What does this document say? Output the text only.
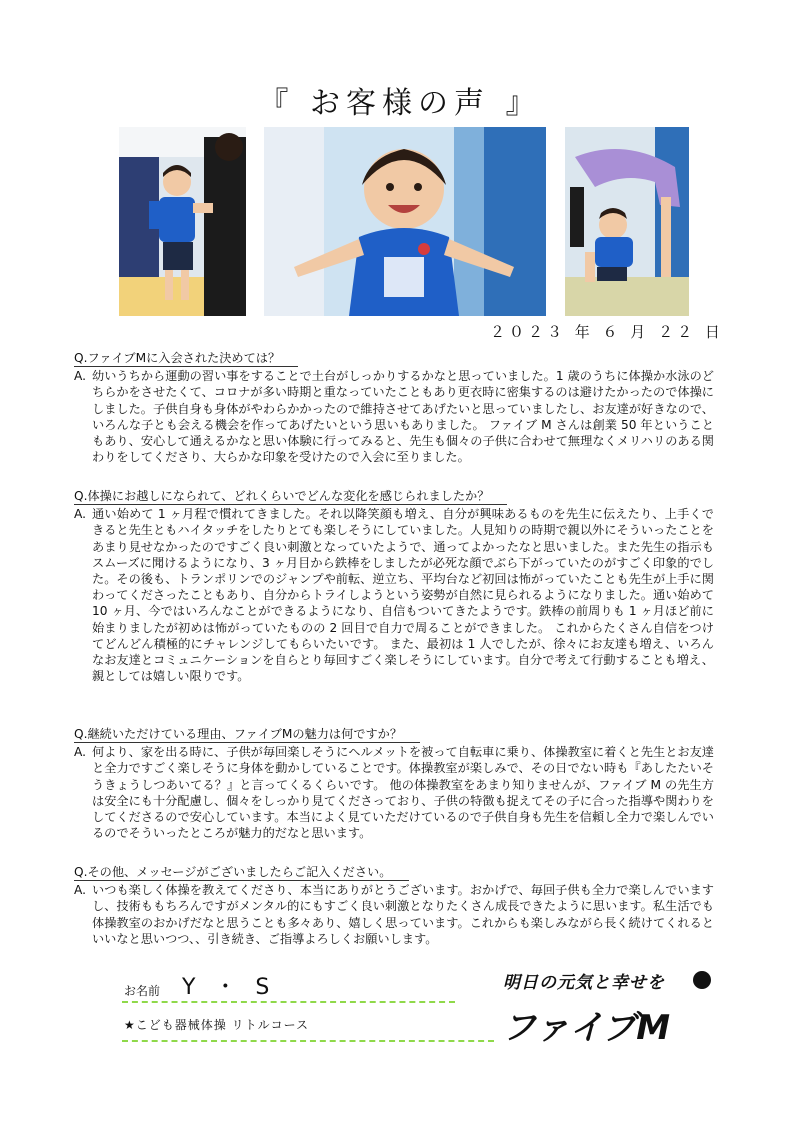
『 お客様の声 』
２０２３ 年 ６ 月 ２２ 日
Q.ファイブMに入会された決めては？
A. 幼いうちから運動の習い事をすることで土台がしっかりするかなと思っていました。1 歳のうちに体操か水泳のどちらかをさせたくて、コロナが多い時期と重なっていたこともあり更衣時に密集するのは避けたかったので体操にしました。子供自身も身体がやわらかかったので維持させてあげたいと思っていましたし、お友達が好きなので、いろんな子とも会える機会を作ってあげたいという思いもありました。 ファイブ M さんは創業 50 年ということもあり、安心して通えるかなと思い体験に行ってみると、先生も個々の子供に合わせて無理なくメリハリのある関わりをしてくださり、大らかな印象を受けたので入会に至りました。
Q.体操にお越しになられて、どれくらいでどんな変化を感じられましたか？
A. 通い始めて 1 ヶ月程で慣れてきました。それ以降笑顔も増え、自分が興味あるものを先生に伝えたり、上手くできると先生ともハイタッチをしたりとても楽しそうにしていました。人見知りの時期で親以外にそういったことをあまり見せなかったのですごく良い刺激となっていたようで、通ってよかったなと思いました。また先生の指示もスムーズに聞けるようになり、3 ヶ月目から鉄棒をしましたが必死な顔でぶら下がっていたのがすごく印象的でした。その後も、トランポリンでのジャンプや前転、逆立ち、平均台など初回は怖がっていたことも先生が上手に関わってくださったこともあり、自分からトライしようという姿勢が自然に見られるようになりました。通い始めて 10 ヶ月、今ではいろんなことができるようになり、自信もついてきたようです。鉄棒の前周りも 1 ヶ月ほど前に始まりましたが初めは怖がっていたものの 2 回目で自力で周ることができました。 これからたくさん自信をつけてどんどん積極的にチャレンジしてもらいたいです。 また、最初は 1 人でしたが、徐々にお友達も増え、いろんなお友達とコミュニケーションを自らとり毎回すごく楽しそうにしています。自分で考えて行動することも増え、親としては嬉しい限りです。
Q.継続いただけている理由、ファイブMの魅力は何ですか？
A. 何より、家を出る時に、子供が毎回楽しそうにヘルメットを被って自転車に乗り、体操教室に着くと先生とお友達と全力ですごく楽しそうに身体を動かしていることです。体操教室が楽しみで、その日でない時も『あしたたいそうきょうしつあいてる？』と言ってくるくらいです。 他の体操教室をあまり知りませんが、ファイブ M の先生方は安全にも十分配慮し、個々をしっかり見てくださっており、子供の特徴も捉えてその子に合った指導や関わりをしてくださるので安心しています。本当によく見ていただけているので子供自身も先生を信頼し全力で楽しんでいるのでそういったところが魅力的だなと思います。
Q.その他、メッセージがございましたらご記入ください。
A. いつも楽しく体操を教えてくださり、本当にありがとうございます。おかげで、毎回子供も全力で楽しんでいますし、技術ももちろんですがメンタル的にもすごく良い刺激となりたくさん成長できたように思います。私生活でも体操教室のおかげだなと思うことも多々あり、嬉しく思っています。これからも楽しみながら長く続けてくれるといいなと思いつつ、、引き続き、ご指導よろしくお願いします。
お名前 Y ・ S
★こども器械体操 リトルコース
明日の元気と幸せを
ファイブM
